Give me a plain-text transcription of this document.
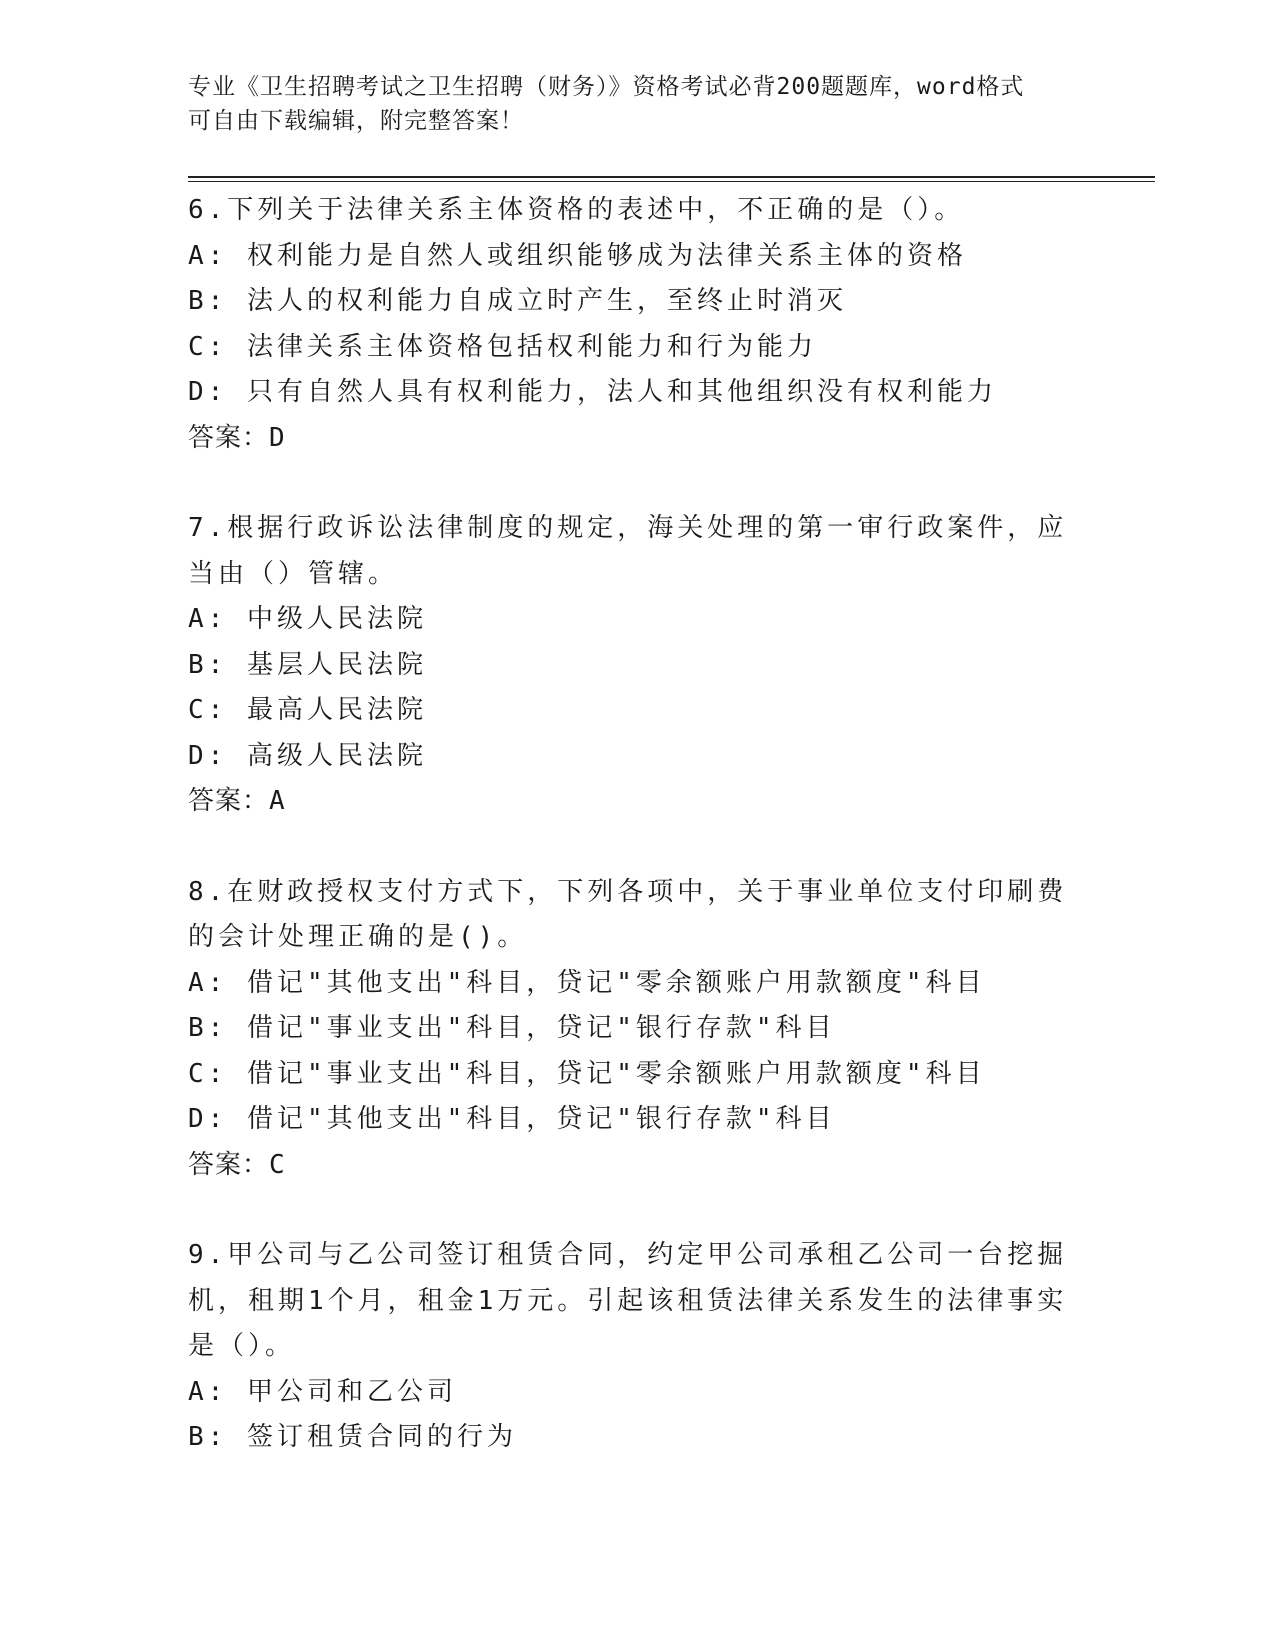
专业《卫生招聘考试之卫生招聘（财务）》资格考试必背200题题库，word格式
可自由下载编辑，附完整答案！
6.下列关于法律关系主体资格的表述中，不正确的是（）。
A: 权利能力是自然人或组织能够成为法律关系主体的资格
B: 法人的权利能力自成立时产生，至终止时消灭
C: 法律关系主体资格包括权利能力和行为能力
D: 只有自然人具有权利能力，法人和其他组织没有权利能力
答案：D
7.根据行政诉讼法律制度的规定，海关处理的第一审行政案件，应当由（）管辖。
A: 中级人民法院
B: 基层人民法院
C: 最高人民法院
D: 高级人民法院
答案：A
8.在财政授权支付方式下，下列各项中，关于事业单位支付印刷费的会计处理正确的是()。
A: 借记"其他支出"科目，贷记"零余额账户用款额度"科目
B: 借记"事业支出"科目，贷记"银行存款"科目
C: 借记"事业支出"科目，贷记"零余额账户用款额度"科目
D: 借记"其他支出"科目，贷记"银行存款"科目
答案：C
9.甲公司与乙公司签订租赁合同，约定甲公司承租乙公司一台挖掘机，租期1个月，租金1万元。引起该租赁法律关系发生的法律事实是（）。
A: 甲公司和乙公司
B: 签订租赁合同的行为
